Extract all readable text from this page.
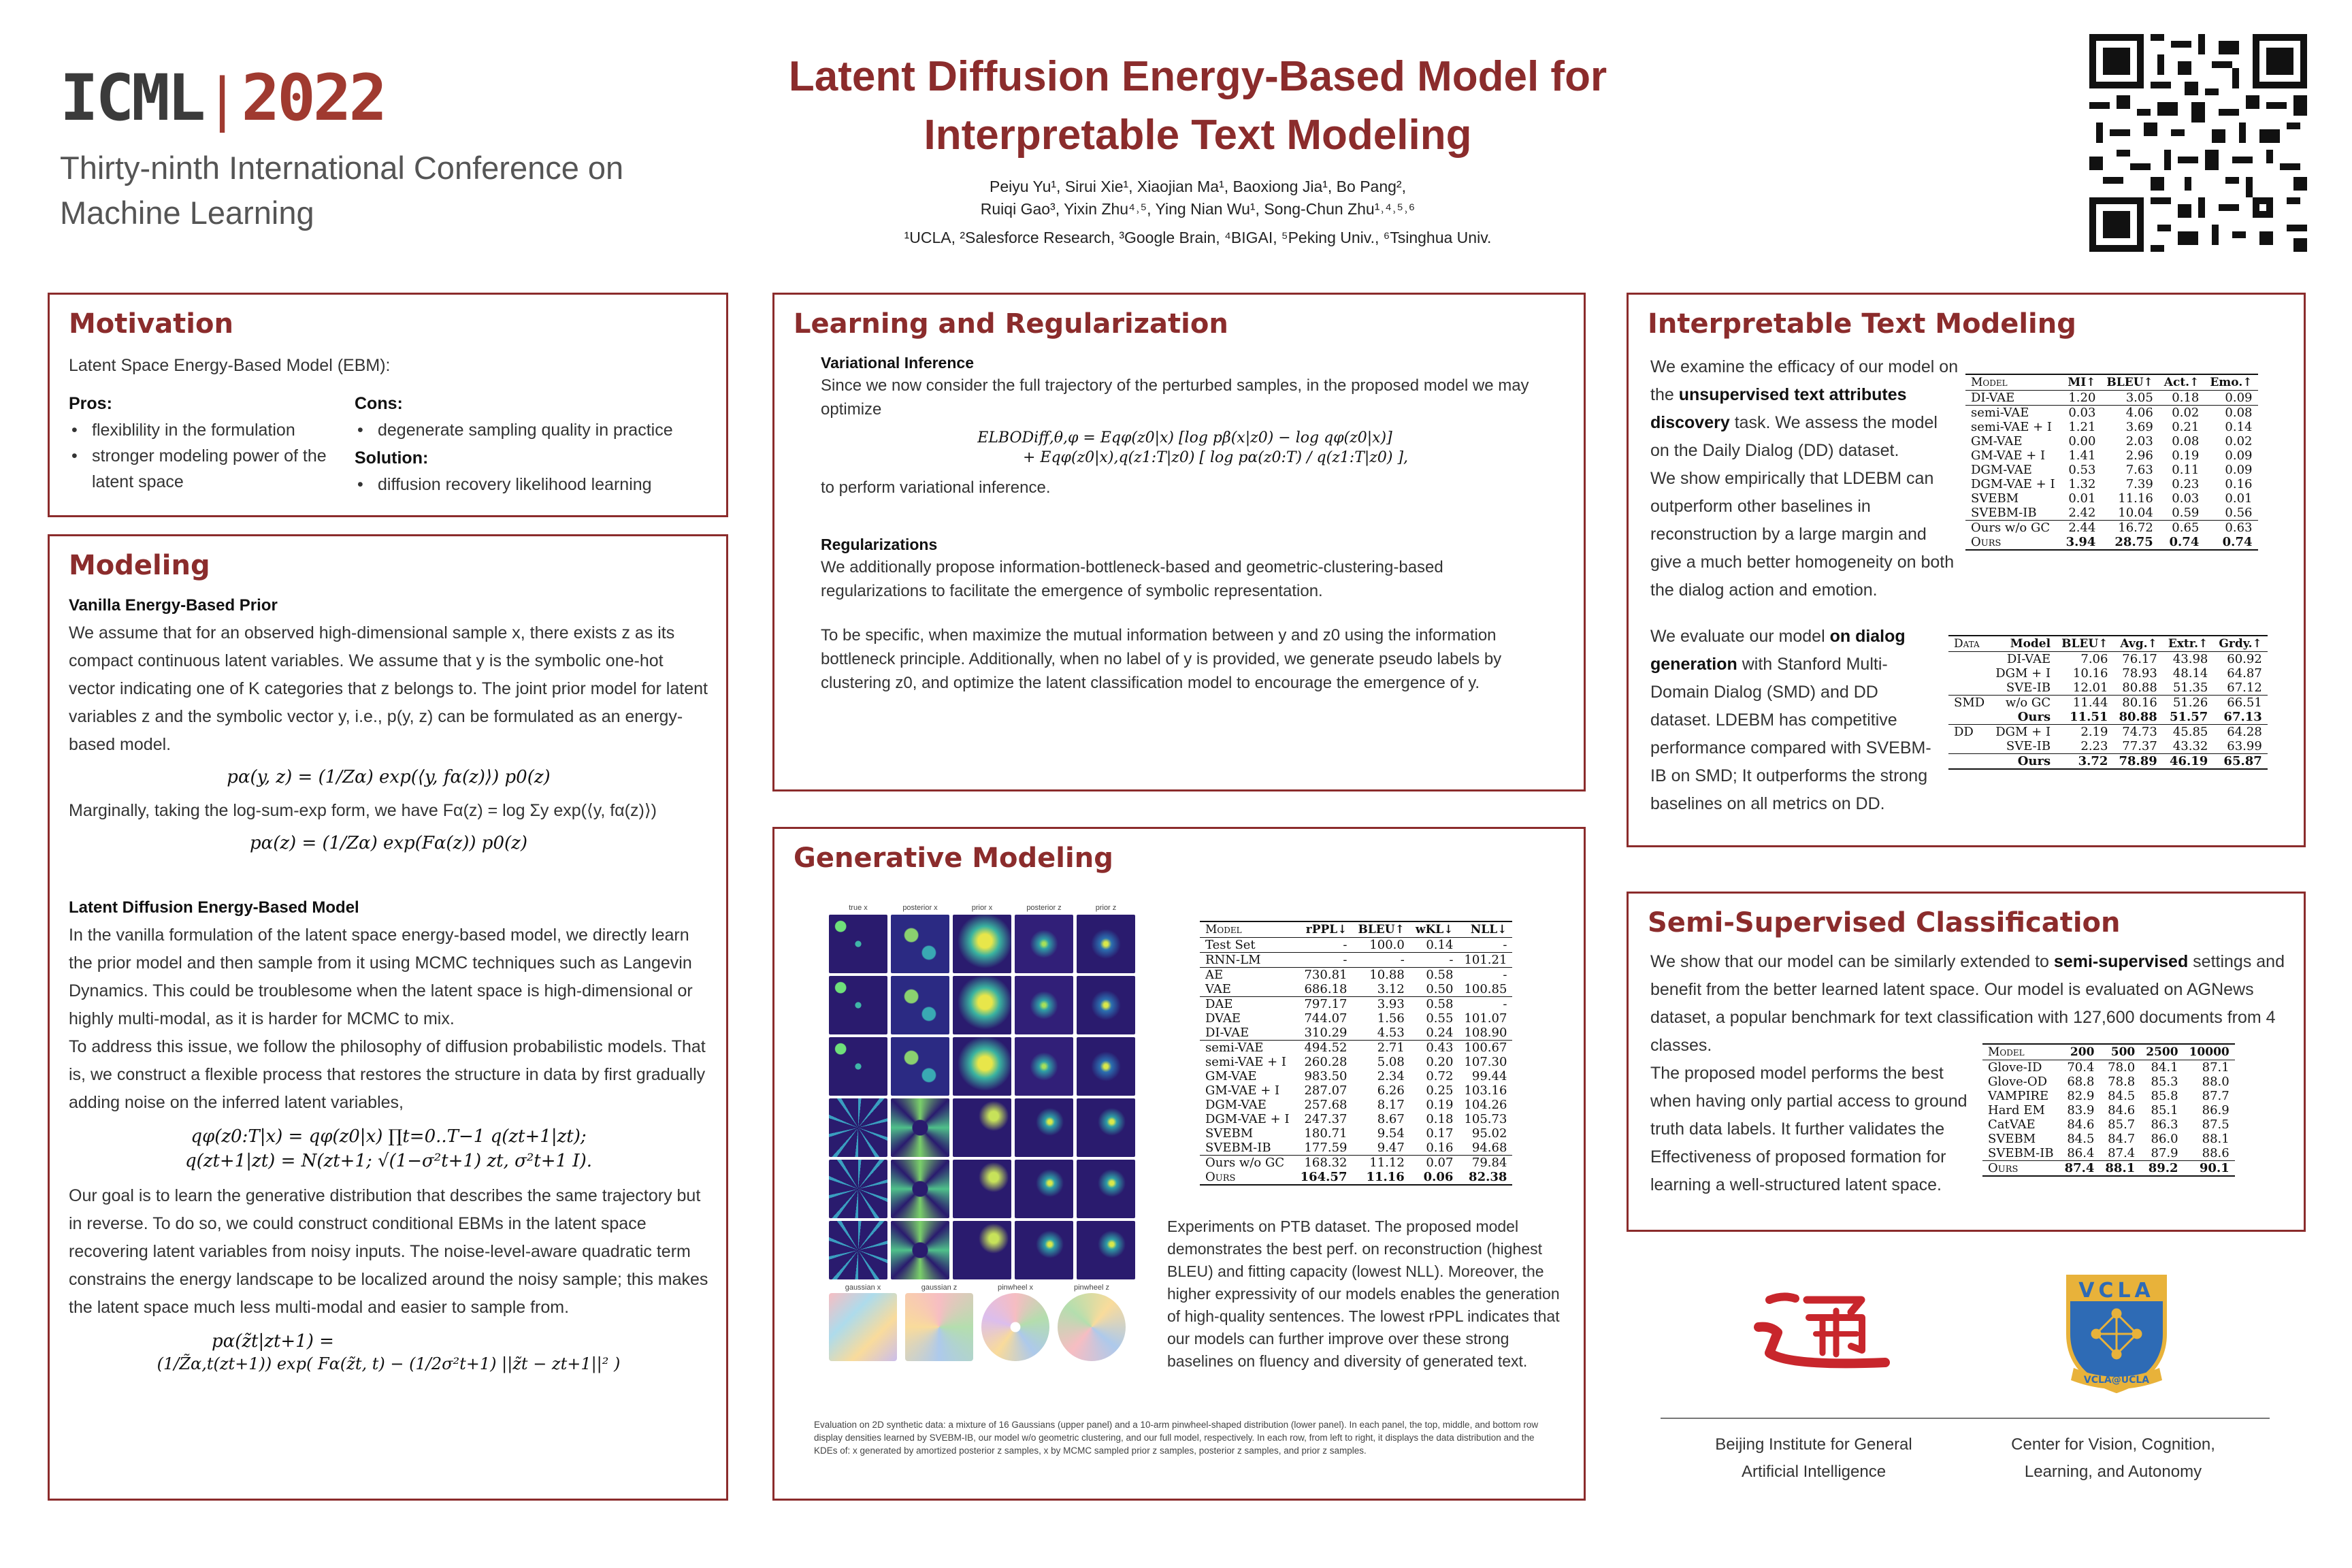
ICML | 2022
Thirty-ninth International Conference on
Machine Learning
Latent Diffusion Energy-Based Model for
Interpretable Text Modeling
Peiyu Yu¹, Sirui Xie¹, Xiaojian Ma¹, Baoxiong Jia¹, Bo Pang²,
Ruiqi Gao³, Yixin Zhu⁴˒⁵, Ying Nian Wu¹, Song-Chun Zhu¹˒⁴˒⁵˒⁶
¹UCLA, ²Salesforce Research, ³Google Brain, ⁴BIGAI, ⁵Peking Univ., ⁶Tsinghua Univ.
Motivation
Latent Space Energy-Based Model (EBM):
Pros:
• flexiblility in the formulation
• stronger modeling power of the latent space
Cons:
• degenerate sampling quality in practice
Solution:
• diffusion recovery likelihood learning
Modeling
Vanilla Energy-Based Prior
We assume that for an observed high-dimensional sample x, there exists z as its compact continuous latent variables. We assume that y is the symbolic one-hot vector indicating one of K categories that z belongs to. The joint prior model for latent variables z and the symbolic vector y, i.e., p(y, z) can be formulated as an energy-based model.
pα(y, z) = (1/Zα) exp(⟨y, fα(z)⟩) p0(z)
Marginally, taking the log-sum-exp form, we have Fα(z) = log Σy exp(⟨y, fα(z)⟩)
pα(z) = (1/Zα) exp(Fα(z)) p0(z)
Latent Diffusion Energy-Based Model
In the vanilla formulation of the latent space energy-based model, we directly learn the prior model and then sample from it using MCMC techniques such as Langevin Dynamics. This could be troublesome when the latent space is high-dimensional or highly multi-modal, as it is harder for MCMC to mix.
To address this issue, we follow the philosophy of diffusion probabilistic models. That is, we construct a flexible process that restores the structure in data by first gradually adding noise on the inferred latent variables,
qφ(z0:T|x) = qφ(z0|x) ∏t=0..T−1 q(zt+1|zt);
q(zt+1|zt) = N(zt+1; √(1−σ²t+1) zt, σ²t+1 I).
Our goal is to learn the generative distribution that describes the same trajectory but in reverse. To do so, we could construct conditional EBMs in the latent space recovering latent variables from noisy inputs. The noise-level-aware quadratic term constrains the energy landscape to be localized around the noisy sample; this makes the latent space much less multi-modal and easier to sample from.
pα(z̃t|zt+1) =
(1/Z̃α,t(zt+1)) exp( Fα(z̃t, t) − (1/2σ²t+1) ||z̃t − zt+1||² )
Learning and Regularization
Variational Inference
Since we now consider the full trajectory of the perturbed samples, in the proposed model we may optimize
ELBODiff,θ,φ = Eqφ(z0|x) [log pβ(x|z0) − log qφ(z0|x)]
+ Eqφ(z0|x),q(z1:T|z0) [ log pα(z0:T) / q(z1:T|z0) ],
to perform variational inference.
Regularizations
We additionally propose information-bottleneck-based and geometric-clustering-based regularizations to facilitate the emergence of symbolic representation.
To be specific, when maximize the mutual information between y and z0 using the information bottleneck principle. Additionally, when no label of y is provided, we generate pseudo labels by clustering z0, and optimize the latent classification model to encourage the emergence of y.
Generative Modeling
true x	posterior x	prior x	posterior z	prior z
gaussian x	gaussian z	pinwheel x	pinwheel z
Model	rPPL↓	BLEU↑	wKL↓	NLL↓
Test Set	-	100.0	0.14	-
RNN-LM	-	-	-	101.21
AE	730.81	10.88	0.58	-
VAE	686.18	3.12	0.50	100.85
DAE	797.17	3.93	0.58	-
DVAE	744.07	1.56	0.55	101.07
DI-VAE	310.29	4.53	0.24	108.90
semi-VAE	494.52	2.71	0.43	100.67
semi-VAE + I	260.28	5.08	0.20	107.30
GM-VAE	983.50	2.34	0.72	99.44
GM-VAE + I	287.07	6.26	0.25	103.16
DGM-VAE	257.68	8.17	0.19	104.26
DGM-VAE + I	247.37	8.67	0.18	105.73
SVEBM	180.71	9.54	0.17	95.02
SVEBM-IB	177.59	9.47	0.16	94.68
Ours w/o GC	168.32	11.12	0.07	79.84
Ours	164.57	11.16	0.06	82.38
Experiments on PTB dataset. The proposed model demonstrates the best perf. on reconstruction (highest BLEU) and fitting capacity (lowest NLL). Moreover, the higher expressivity of our models enables the generation of high-quality sentences. The lowest rPPL indicates that our models can further improve over these strong baselines on fluency and diversity of generated text.
Evaluation on 2D synthetic data: a mixture of 16 Gaussians (upper panel) and a 10-arm pinwheel-shaped distribution (lower panel). In each panel, the top, middle, and bottom row display densities learned by SVEBM-IB, our model w/o geometric clustering, and our full model, respectively. In each row, from left to right, it displays the data distribution and the KDEs of: x generated by amortized posterior z samples, x by MCMC sampled prior z samples, posterior z samples, and prior z samples.
Interpretable Text Modeling
We examine the efficacy of our model on the unsupervised text attributes discovery task. We assess the model on the Daily Dialog (DD) dataset.
We show empirically that LDEBM can outperform other baselines in reconstruction by a large margin and give a much better homogeneity on both the dialog action and emotion.
We evaluate our model on dialog generation with Stanford Multi-Domain Dialog (SMD) and DD dataset. LDEBM has competitive performance compared with SVEBM-IB on SMD; It outperforms the strong baselines on all metrics on DD.
Model	MI↑	BLEU↑	Act.↑	Emo.↑
DI-VAE	1.20	3.05	0.18	0.09
semi-VAE	0.03	4.06	0.02	0.08
semi-VAE + I	1.21	3.69	0.21	0.14
GM-VAE	0.00	2.03	0.08	0.02
GM-VAE + I	1.41	2.96	0.19	0.09
DGM-VAE	0.53	7.63	0.11	0.09
DGM-VAE + I	1.32	7.39	0.23	0.16
SVEBM	0.01	11.16	0.03	0.01
SVEBM-IB	2.42	10.04	0.59	0.56
Ours w/o GC	2.44	16.72	0.65	0.63
Ours	3.94	28.75	0.74	0.74
Data	Model	BLEU↑	Avg.↑	Extr.↑	Grdy.↑
	DI-VAE	7.06	76.17	43.98	60.92
	DGM + I	10.16	78.93	48.14	64.87
	SVE-IB	12.01	80.88	51.35	67.12
SMD	w/o GC	11.44	80.16	51.26	66.51
	Ours	11.51	80.88	51.57	67.13
DD	DGM + I	2.19	74.73	45.85	64.28
	SVE-IB	2.23	77.37	43.32	63.99
	Ours	3.72	78.89	46.19	65.87
Semi-Supervised Classification
We show that our model can be similarly extended to semi-supervised settings and benefit from the better learned latent space. Our model is evaluated on AGNews dataset, a popular benchmark for text classification with 127,600 documents from 4 classes.
The proposed model performs the best when having only partial access to ground truth data labels. It further validates the Effectiveness of proposed formation for learning a well-structured latent space.
Model	200	500	2500	10000
Glove-ID	70.4	78.0	84.1	87.1
Glove-OD	68.8	78.8	85.3	88.0
VAMPIRE	82.9	84.5	85.8	87.7
Hard EM	83.9	84.6	85.1	86.9
CatVAE	84.6	85.7	86.3	87.5
SVEBM	84.5	84.7	86.0	88.1
SVEBM-IB	86.4	87.4	87.9	88.6
Ours	87.4	88.1	89.2	90.1
VCLA
VCLA@UCLA
Beijing Institute for General
Artificial Intelligence
Center for Vision, Cognition,
Learning, and Autonomy
